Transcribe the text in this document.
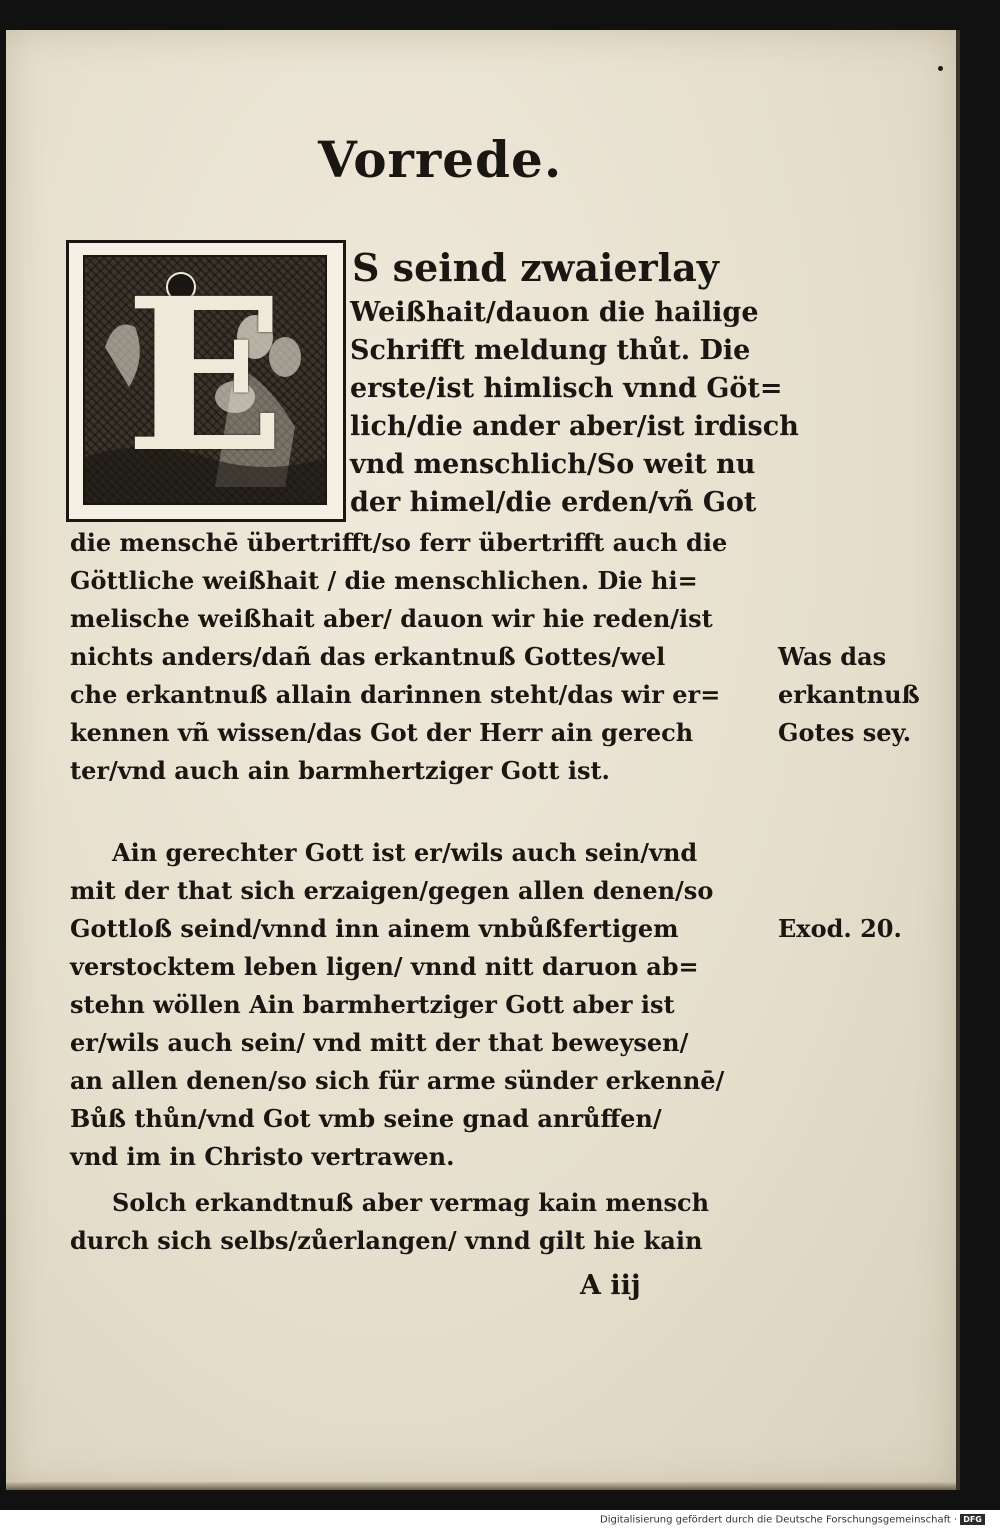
Vorrede.
E S seind zwaierlay
Weißhait/dauon die hailige
Schrifft meldung thůt. Die
erste/ist himlisch vnnd Göt=
lich/die ander aber/ist irdisch
vnd menschlich/So weit nu
der himel/die erden/vñ Got
die menschē übertrifft/so ferr übertrifft auch die
Göttliche weißhait / die menschlichen. Die hi=
melische weißhait aber/ dauon wir hie reden/ist
nichts anders/dañ das erkantnuß Gottes/wel
che erkantnuß allain darinnen steht/das wir er=
kennen vñ wissen/das Got der Herr ain gerech
ter/vnd auch ain barmhertziger Gott ist.
Ain gerechter Gott ist er/wils auch sein/vnd
mit der that sich erzaigen/gegen allen denen/so
Gottloß seind/vnnd inn ainem vnbůßfertigem
verstocktem leben ligen/ vnnd nitt daruon ab=
stehn wöllen Ain barmhertziger Gott aber ist
er/wils auch sein/ vnd mitt der that beweysen/
an allen denen/so sich für arme sünder erkennē/
Bůß thůn/vnd Got vmb seine gnad anrůffen/
vnd im in Christo vertrawen.
Solch erkandtnuß aber vermag kain mensch
durch sich selbs/zůerlangen/ vnnd gilt hie kain
A iij
Was das
erkantnuß
Gotes sey.
Exod. 20.
Digitalisierung gefördert durch die Deutsche Forschungsgemeinschaft · DFG
